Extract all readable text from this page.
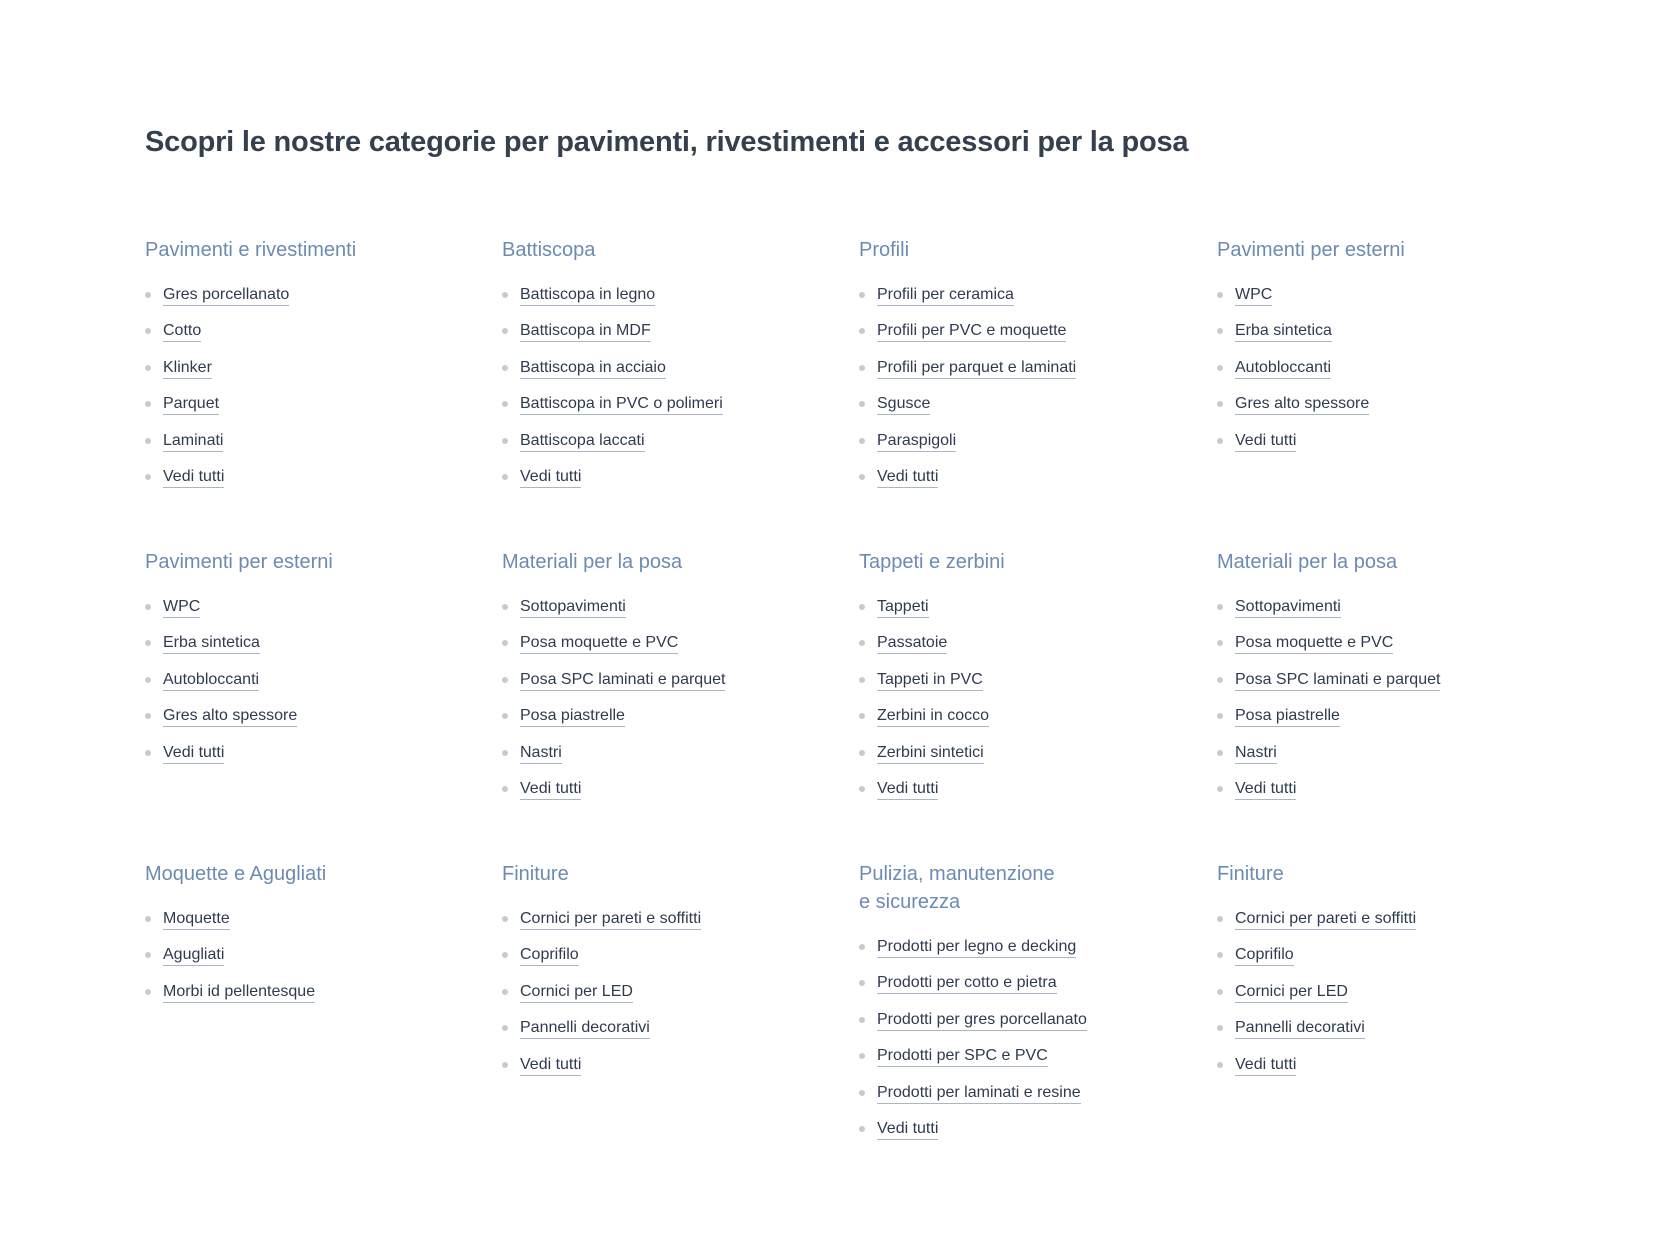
Scopri le nostre categorie per pavimenti, rivestimenti e accessori per la posa
Pavimenti e rivestimenti
Gres porcellanato
Cotto
Klinker
Parquet
Laminati
Vedi tutti
Battiscopa
Battiscopa in legno
Battiscopa in MDF
Battiscopa in acciaio
Battiscopa in PVC o polimeri
Battiscopa laccati
Vedi tutti
Profili
Profili per ceramica
Profili per PVC e moquette
Profili per parquet e laminati
Sgusce
Paraspigoli
Vedi tutti
Pavimenti per esterni
WPC
Erba sintetica
Autobloccanti
Gres alto spessore
Vedi tutti
Pavimenti per esterni
WPC
Erba sintetica
Autobloccanti
Gres alto spessore
Vedi tutti
Materiali per la posa
Sottopavimenti
Posa moquette e PVC
Posa SPC laminati e parquet
Posa piastrelle
Nastri
Vedi tutti
Tappeti e zerbini
Tappeti
Passatoie
Tappeti in PVC
Zerbini in cocco
Zerbini sintetici
Vedi tutti
Materiali per la posa
Sottopavimenti
Posa moquette e PVC
Posa SPC laminati e parquet
Posa piastrelle
Nastri
Vedi tutti
Moquette e Agugliati
Moquette
Agugliati
Morbi id pellentesque
Finiture
Cornici per pareti e soffitti
Coprifilo
Cornici per LED
Pannelli decorativi
Vedi tutti
Pulizia, manutenzione
e sicurezza
Prodotti per legno e decking
Prodotti per cotto e pietra
Prodotti per gres porcellanato
Prodotti per SPC e PVC
Prodotti per laminati e resine
Vedi tutti
Finiture
Cornici per pareti e soffitti
Coprifilo
Cornici per LED
Pannelli decorativi
Vedi tutti
